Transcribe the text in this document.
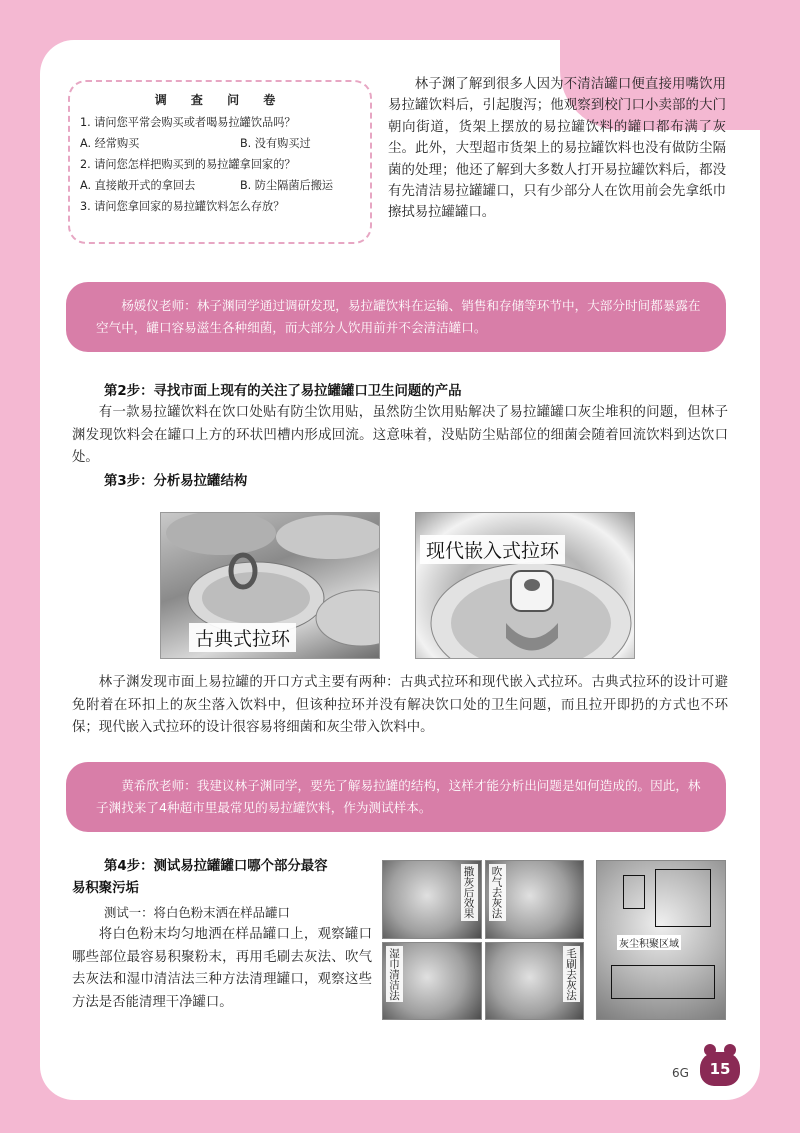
调 查 问 卷
1. 请问您平常会购买或者喝易拉罐饮品吗？
A. 经常购买	B. 没有购买过
2. 请问您怎样把购买到的易拉罐拿回家的？
A. 直接敞开式的拿回去	B. 防尘隔菌后搬运
3. 请问您拿回家的易拉罐饮料怎么存放？
林子渊了解到很多人因为不清洁罐口便直接用嘴饮用易拉罐饮料后，引起腹泻；他观察到校门口小卖部的大门朝向街道，货架上摆放的易拉罐饮料的罐口都布满了灰尘。此外，大型超市货架上的易拉罐饮料也没有做防尘隔菌的处理；他还了解到大多数人打开易拉罐饮料后，都没有先清洁易拉罐罐口，只有少部分人在饮用前会先拿纸巾擦拭易拉罐罐口。
杨媛仪老师：林子渊同学通过调研发现，易拉罐饮料在运输、销售和存储等环节中，大部分时间都暴露在空气中，罐口容易滋生各种细菌，而大部分人饮用前并不会清洁罐口。
第2步：寻找市面上现有的关注了易拉罐罐口卫生问题的产品
有一款易拉罐饮料在饮口处贴有防尘饮用贴，虽然防尘饮用贴解决了易拉罐罐口灰尘堆积的问题，但林子渊发现饮料会在罐口上方的环状凹槽内形成回流。这意味着，没贴防尘贴部位的细菌会随着回流饮料到达饮口处。
第3步：分析易拉罐结构
古典式拉环
现代嵌入式拉环
林子渊发现市面上易拉罐的开口方式主要有两种：古典式拉环和现代嵌入式拉环。古典式拉环的设计可避免附着在环扣上的灰尘落入饮料中，但该种拉环并没有解决饮口处的卫生问题，而且拉开即扔的方式也不环保；现代嵌入式拉环的设计很容易将细菌和灰尘带入饮料中。
黄希欣老师：我建议林子渊同学，要先了解易拉罐的结构，这样才能分析出问题是如何造成的。因此，林子渊找来了4种超市里最常见的易拉罐饮料，作为测试样本。
第4步：测试易拉罐罐口哪个部分最容
易积聚污垢
测试一：将白色粉末洒在样品罐口
将白色粉末均匀地洒在样品罐口上，观察罐口哪些部位最容易积聚粉末，再用毛刷去灰法、吹气去灰法和湿巾清洁法三种方法清理罐口，观察这些方法是否能清理干净罐口。
撒灰后效果 吹气去灰法
湿巾清洁法	毛刷去灰法
灰尘积聚区域
6G	15
